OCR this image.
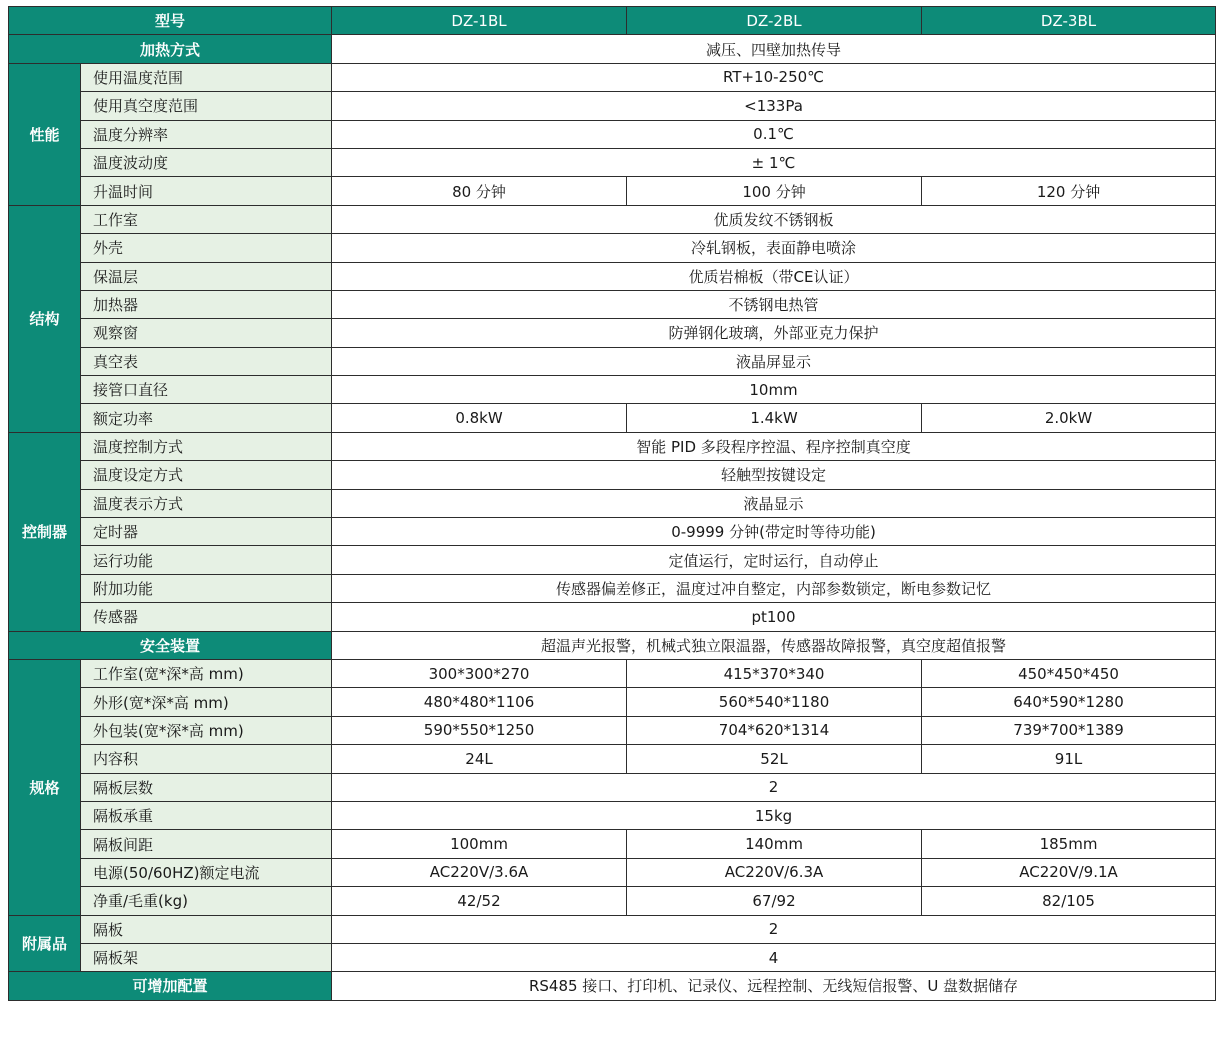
型号		DZ-1BL	DZ-2BL	DZ-3BL
加热方式		减压、四壁加热传导		
性能	使用温度范围	RT+10-250℃		
	使用真空度范围	<133Pa		
	温度分辨率	0.1℃		
	温度波动度	± 1℃		
	升温时间	80 分钟	100 分钟	120 分钟
结构	工作室	优质发纹不锈钢板		
	外壳	冷轧钢板，表面静电喷涂		
	保温层	优质岩棉板（带CE认证）		
	加热器	不锈钢电热管		
	观察窗	防弹钢化玻璃，外部亚克力保护		
	真空表	液晶屏显示		
	接管口直径	10mm		
	额定功率	0.8kW	1.4kW	2.0kW
控制器	温度控制方式	智能 PID 多段程序控温、程序控制真空度		
	温度设定方式	轻触型按键设定		
	温度表示方式	液晶显示		
	定时器	0-9999 分钟(带定时等待功能)		
	运行功能	定值运行，定时运行，自动停止		
	附加功能	传感器偏差修正，温度过冲自整定，内部参数锁定，断电参数记忆		
	传感器	pt100		
安全装置		超温声光报警，机械式独立限温器，传感器故障报警，真空度超值报警		
规格	工作室(宽*深*高 mm)	300*300*270	415*370*340	450*450*450
	外形(宽*深*高 mm)	480*480*1106	560*540*1180	640*590*1280
	外包装(宽*深*高 mm)	590*550*1250	704*620*1314	739*700*1389
	内容积	24L	52L	91L
	隔板层数	2		
	隔板承重	15kg		
	隔板间距	100mm	140mm	185mm
	电源(50/60HZ)额定电流	AC220V/3.6A	AC220V/6.3A	AC220V/9.1A
	净重/毛重(kg)	42/52	67/92	82/105
附属品	隔板	2		
	隔板架	4		
可增加配置		RS485 接口、打印机、记录仪、远程控制、无线短信报警、U 盘数据储存		
